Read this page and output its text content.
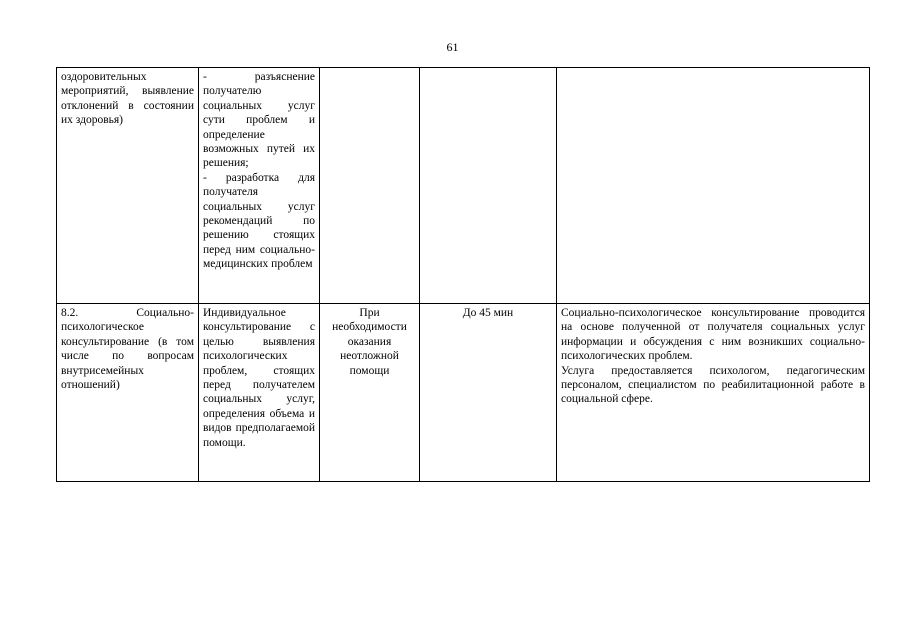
61
оздоровительных мероприятий, выявление отклонений в состоянии их здоровья)	- разъяснение получателю социальных услуг сути проблем и определение возможных путей их решения;
- разработка для получателя социальных услуг рекомендаций по решению стоящих перед ним социально-медицинских проблем			
8.2. Социально-психологическое консультирование (в том числе по вопросам внутрисемейных отношений)	Индивидуальное консультирование с целью выявления психологических проблем, стоящих перед получателем социальных услуг, определения объема и видов предполагаемой помощи.	При необходимости оказания неотложной помощи	До 45 мин	Социально-психологическое консультирование проводится на основе полученной от получателя социальных услуг информации и обсуждения с ним возникших социально-психологических проблем.
Услуга предоставляется психологом, педагогическим персоналом, специалистом по реабилитационной работе в социальной сфере.
